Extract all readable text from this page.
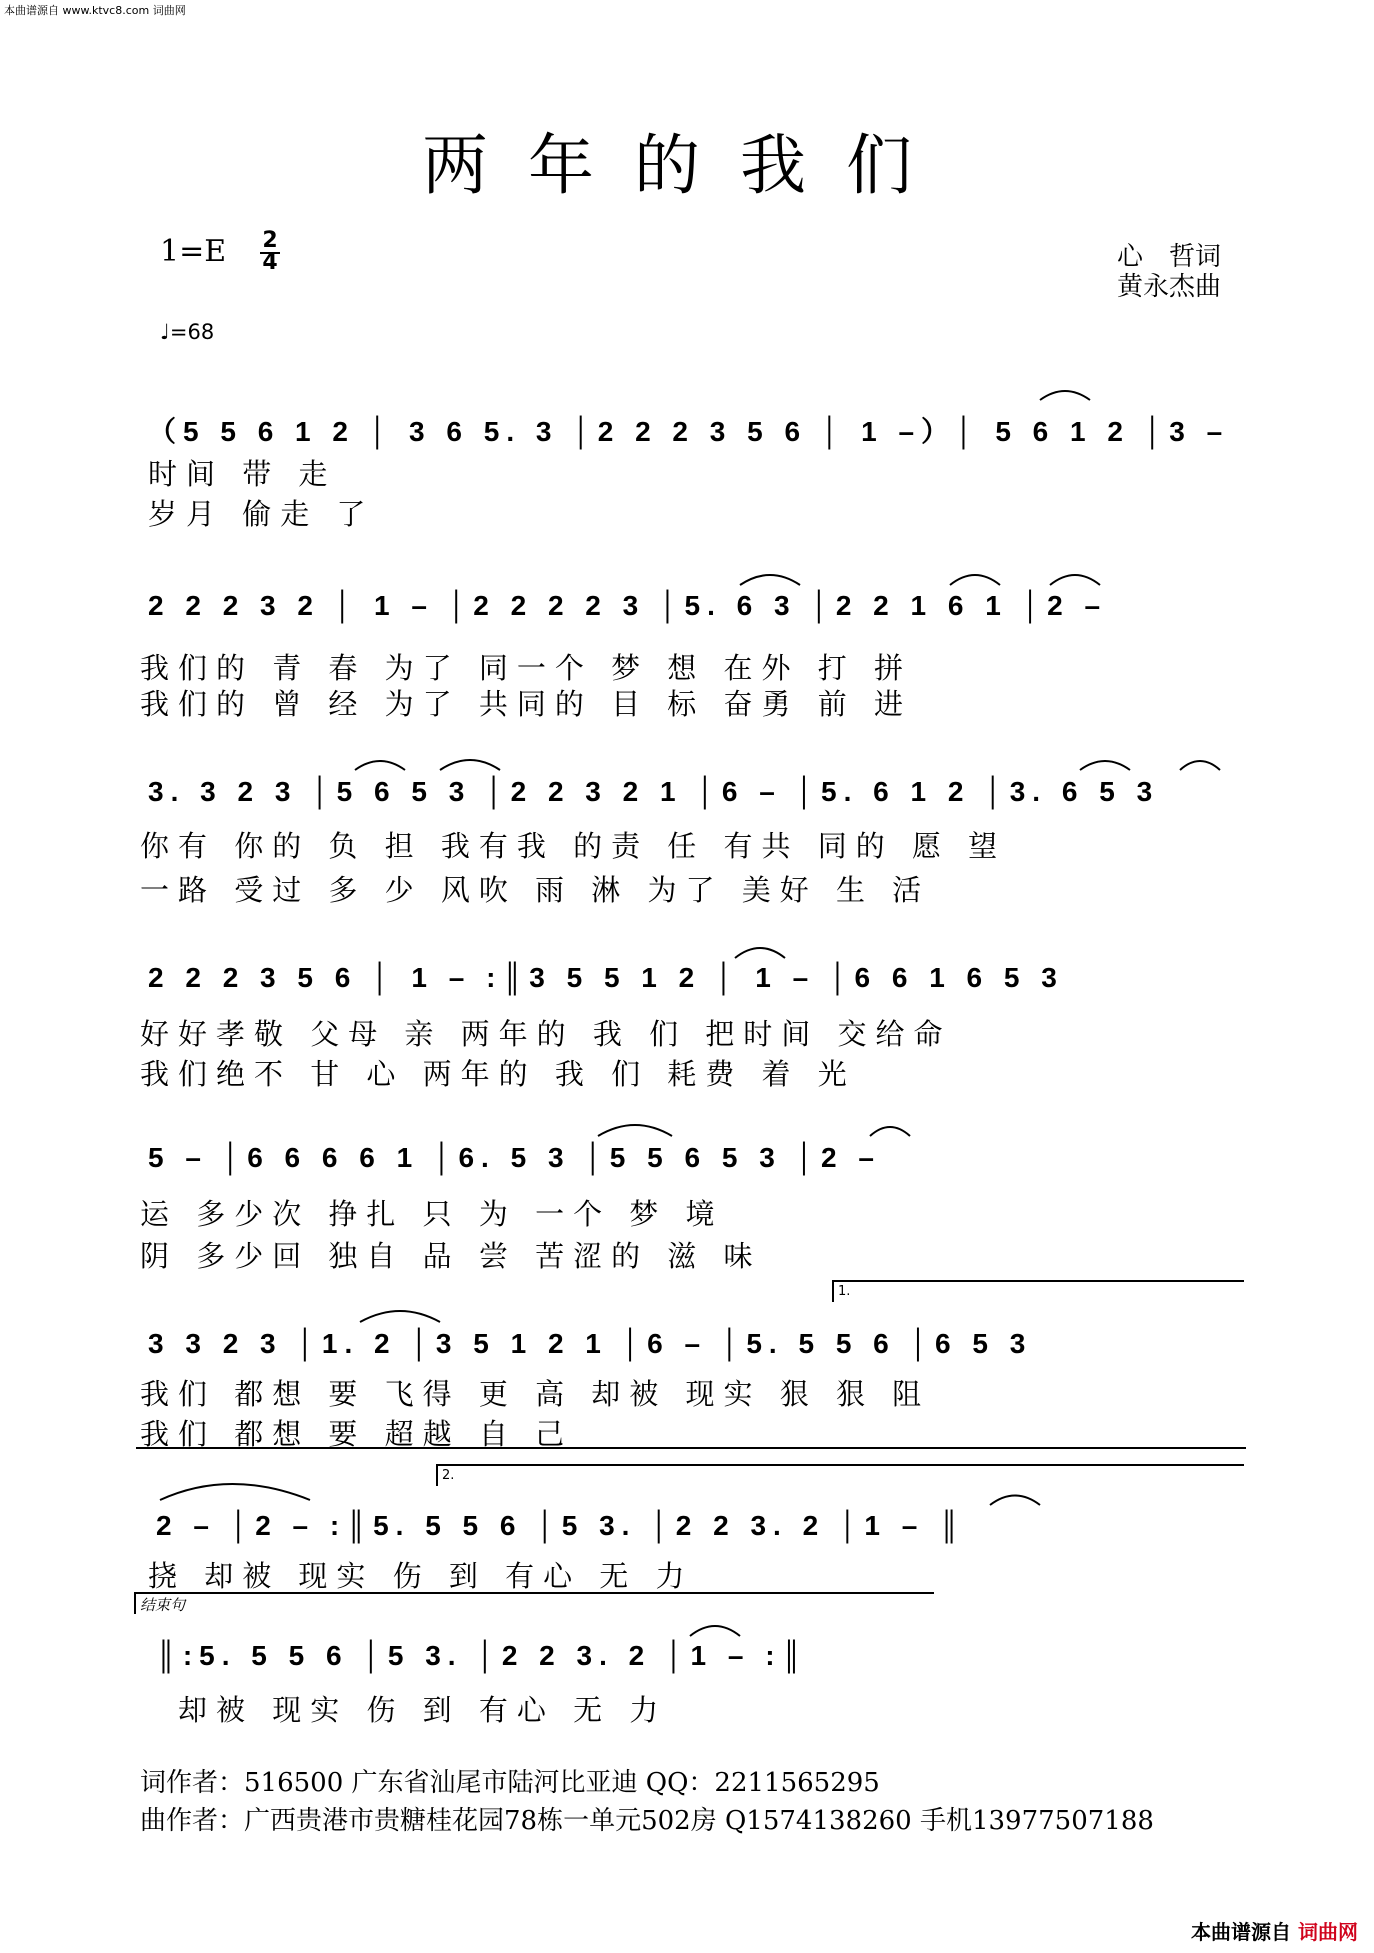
本曲谱源自 www.ktvc8.com 词曲网
两年的我们
1=E 2
4	心　哲词
黄永杰曲
♩=68
（5 5 6 1 2 │ 3 6 5. 3 │2 2 2 3 5 6 │ 1 –）│ 5 6 1 2 │3 –
时间 带 走
岁月 偷走 了
2 2 2 3 2 │ 1 – │2 2 2 2 3 │5. 6 3 │2 2 1 6 1 │2 –
我们的 青 春 为了 同一个 梦 想 在外 打 拼
我们的 曾 经 为了 共同的 目 标 奋勇 前 进
3. 3 2 3 │5 6 5 3 │2 2 3 2 1 │6 – │5. 6 1 2 │3. 6 5 3
你有 你的 负 担 我有我 的责 任 有共 同的 愿 望
一路 受过 多 少 风吹 雨 淋 为了 美好 生 活
2 2 2 3 5 6 │ 1 – :║3 5 5 1 2 │ 1 – │6 6 1 6 5 3
好好孝敬 父母 亲 两年的 我 们 把时间 交给命
我们绝不 甘 心 两年的 我 们 耗费 着 光
5 – │6 6 6 6 1 │6. 5 3 │5 5 6 5 3 │2 –
运 多少次 挣扎 只 为 一个 梦 境
阴 多少回 独自 品 尝 苦涩的 滋 味
1.
3 3 2 3 │1. 2 │3 5 1 2 1 │6 – │5. 5 5 6 │6 5 3
我们 都想 要 飞得 更 高 却被 现实 狠 狠 阻
我们 都想 要 超越 自 己
2.
2 – │2 – :║5. 5 5 6 │5 3. │2 2 3. 2 │1 – ║
挠 却被 现实 伤 到 有心 无 力
结束句
║:5. 5 5 6 │5 3. │2 2 3. 2 │1 – :║
却被 现实 伤 到 有心 无 力
词作者：516500 广东省汕尾市陆河比亚迪 QQ：2211565295
曲作者：广西贵港市贵糖桂花园78栋一单元502房 Q1574138260 手机13977507188
本曲谱源自 词曲网
